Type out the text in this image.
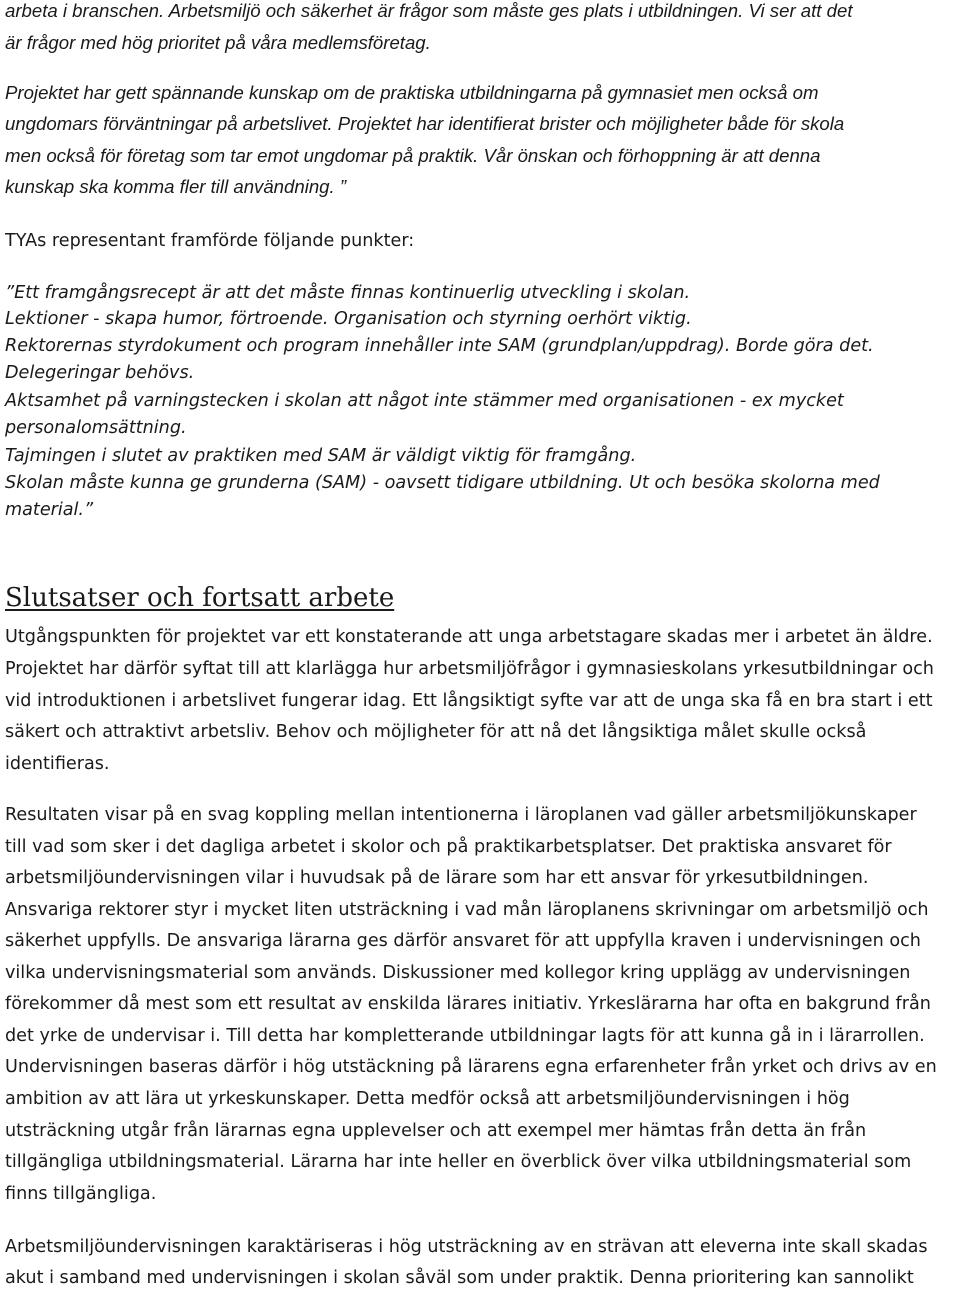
arbeta i branschen. Arbetsmiljö och säkerhet är frågor som måste ges plats i utbildningen. Vi ser att det

är frågor med hög prioritet på våra medlemsföretag.

Projektet har gett spännande kunskap om de praktiska utbildningarna på gymnasiet men också om

ungdomars förväntningar på arbetslivet. Projektet har identifierat brister och möjligheter både för skola

men också för företag som tar emot ungdomar på praktik. Vår önskan och förhoppning är att denna

kunskap ska komma fler till användning. ”

TYAs representant framförde följande punkter:

”Ett framgångsrecept är att det måste finnas kontinuerlig utveckling i skolan.

Lektioner - skapa humor, förtroende. Organisation och styrning oerhört viktig.

Rektorernas styrdokument och program innehåller inte SAM (grundplan/uppdrag). Borde göra det.

Delegeringar behövs.

Aktsamhet på varningstecken i skolan att något inte stämmer med organisationen - ex mycket

personalomsättning.

Tajmingen i slutet av praktiken med SAM är väldigt viktig för framgång.

Skolan måste kunna ge grunderna (SAM) - oavsett tidigare utbildning. Ut och besöka skolorna med

material.”

Slutsatser och fortsatt arbete

Utgångspunkten för projektet var ett konstaterande att unga arbetstagare skadas mer i arbetet än äldre.

Projektet har därför syftat till att klarlägga hur arbetsmiljöfrågor i gymnasieskolans yrkesutbildningar och

vid introduktionen i arbetslivet fungerar idag. Ett långsiktigt syfte var att de unga ska få en bra start i ett

säkert och attraktivt arbetsliv. Behov och möjligheter för att nå det långsiktiga målet skulle också

identifieras.

Resultaten visar på en svag koppling mellan intentionerna i läroplanen vad gäller arbetsmiljökunskaper

till vad som sker i det dagliga arbetet i skolor och på praktikarbetsplatser. Det praktiska ansvaret för

arbetsmiljöundervisningen vilar i huvudsak på de lärare som har ett ansvar för yrkesutbildningen.

Ansvariga rektorer styr i mycket liten utsträckning i vad mån läroplanens skrivningar om arbetsmiljö och

säkerhet uppfylls. De ansvariga lärarna ges därför ansvaret för att uppfylla kraven i undervisningen och

vilka undervisningsmaterial som används. Diskussioner med kollegor kring upplägg av undervisningen

förekommer då mest som ett resultat av enskilda lärares initiativ. Yrkeslärarna har ofta en bakgrund från

det yrke de undervisar i. Till detta har kompletterande utbildningar lagts för att kunna gå in i lärarrollen.

Undervisningen baseras därför i hög utstäckning på lärarens egna erfarenheter från yrket och drivs av en

ambition av att lära ut yrkeskunskaper. Detta medför också att arbetsmiljöundervisningen i hög

utsträckning utgår från lärarnas egna upplevelser och att exempel mer hämtas från detta än från

tillgängliga utbildningsmaterial. Lärarna har inte heller en överblick över vilka utbildningsmaterial som

finns tillgängliga.

Arbetsmiljöundervisningen karaktäriseras i hög utsträckning av en strävan att eleverna inte skall skadas

akut i samband med undervisningen i skolan såväl som under praktik. Denna prioritering kan sannolikt
